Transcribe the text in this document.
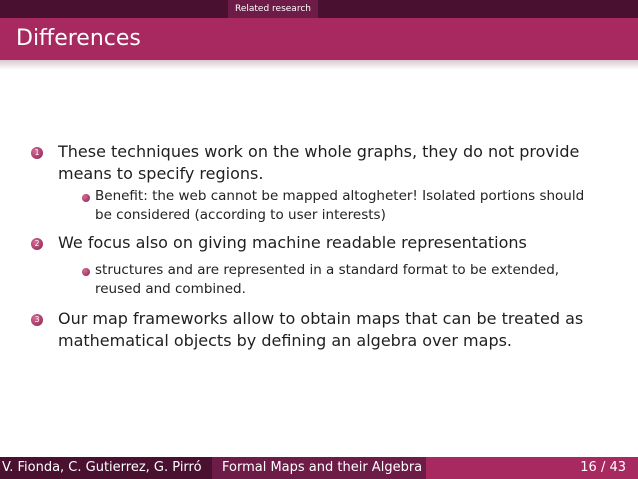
Related research
Differences
1 These techniques work on the whole graphs, they do not provide means to specify regions.
Benefit: the web cannot be mapped altogheter! Isolated portions should be considered (according to user interests)
2 We focus also on giving machine readable representations
structures and are represented in a standard format to be extended, reused and combined.
3 Our map frameworks allow to obtain maps that can be treated as mathematical objects by defining an algebra over maps.
V. Fionda, C. Gutierrez, G. Pirró	Formal Maps and their Algebra	16 / 43
